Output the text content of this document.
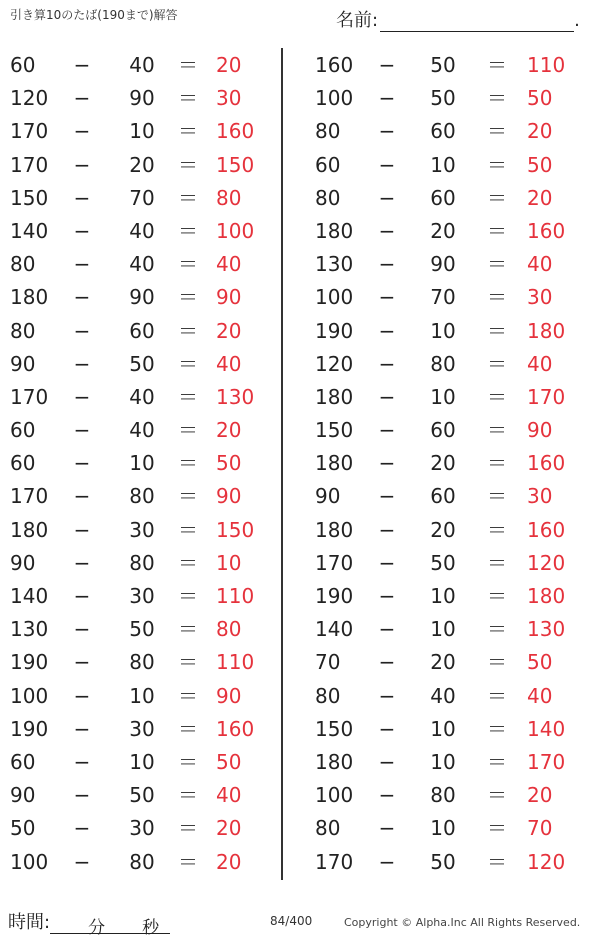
引き算10のたば(190まで)解答	名前:	.
60	−	40	＝ 20
120	−	90	＝ 30
170	−	10	＝ 160
170	−	20	＝ 150
150	−	70	＝ 80
140	−	40	＝ 100
80	−	40	＝ 40
180	−	90	＝ 90
80	−	60	＝ 20
90	−	50	＝ 40
170	−	40	＝ 130
60	−	40	＝ 20
60	−	10	＝ 50
170	−	80	＝ 90
180	−	30	＝ 150
90	−	80	＝ 10
140	−	30	＝ 110
130	−	50	＝ 80
190	−	80	＝ 110
100	−	10	＝ 90
190	−	30	＝ 160
60	−	10	＝ 50
90	−	50	＝ 40
50	−	30	＝ 20
100	−	80	＝ 20
160	−	50	＝ 110
100	−	50	＝ 50
80	−	60	＝ 20
60	−	10	＝ 50
80	−	60	＝ 20
180	−	20	＝ 160
130	−	90	＝ 40
100	−	70	＝ 30
190	−	10	＝ 180
120	−	80	＝ 40
180	−	10	＝ 170
150	−	60	＝ 90
180	−	20	＝ 160
90	−	60	＝ 30
180	−	20	＝ 160
170	−	50	＝ 120
190	−	10	＝ 180
140	−	10	＝ 130
70	−	20	＝ 50
80	−	40	＝ 40
150	−	10	＝ 140
180	−	10	＝ 170
100	−	80	＝ 20
80	−	10	＝ 70
170	−	50	＝ 120
時間: 分 秒	84/400	Copyright © Alpha.Inc All Rights Reserved.
